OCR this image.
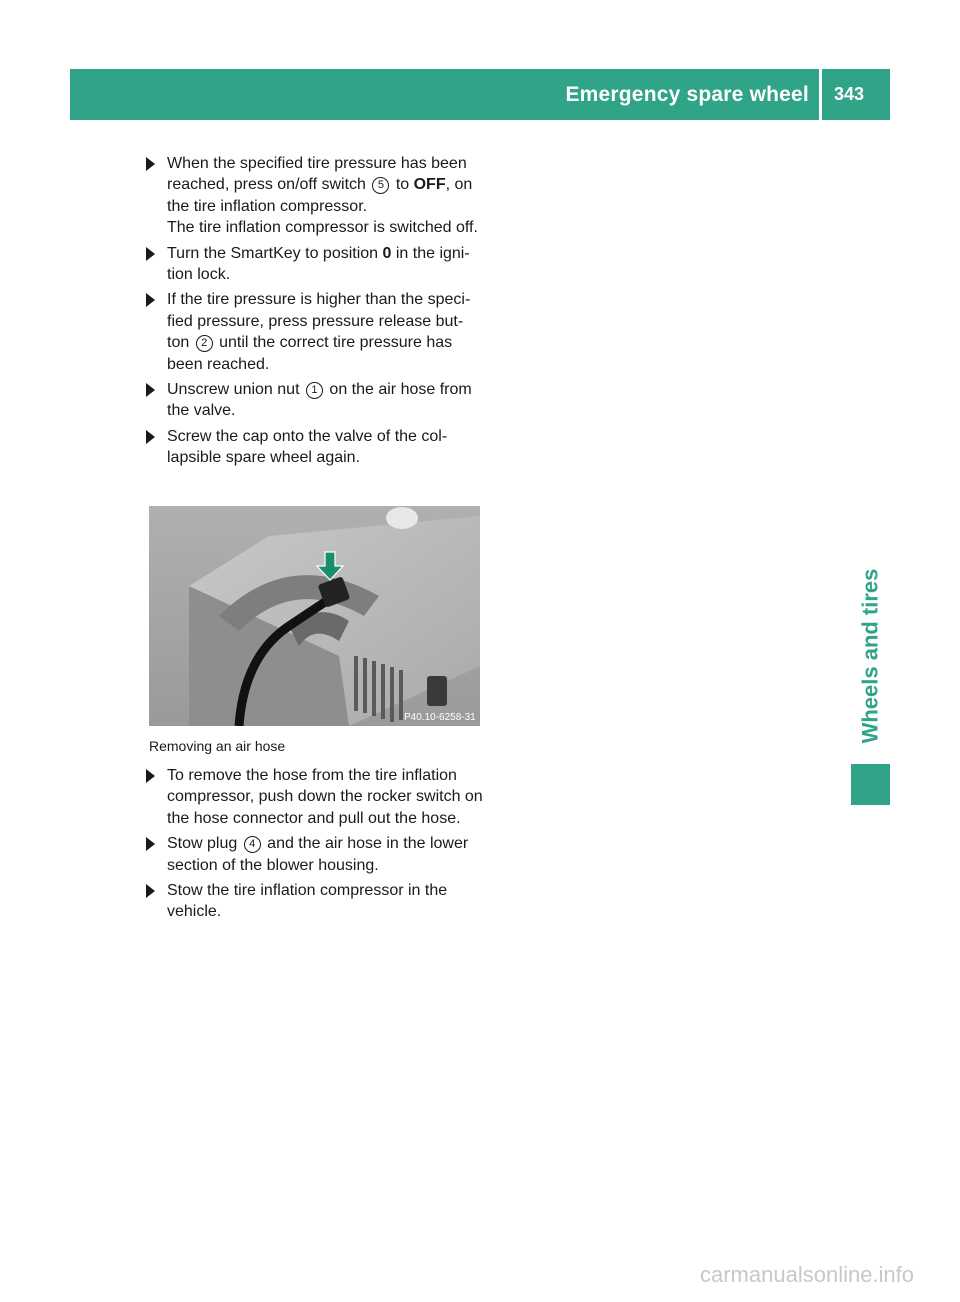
Emergency spare wheel	343
When the specified tire pressure has been reached, press on/off switch 5 to OFF, on the tire inflation compressor.
The tire inflation compressor is switched off.
Turn the SmartKey to position 0 in the igni- tion lock.
If the tire pressure is higher than the speci- fied pressure, press pressure release but- ton 2 until the correct tire pressure has been reached.
Unscrew union nut 1 on the air hose from the valve.
Screw the cap onto the valve of the col- lapsible spare wheel again.
P40.10-6258-31
Removing an air hose
To remove the hose from the tire inflation compressor, push down the rocker switch on the hose connector and pull out the hose.
Stow plug 4 and the air hose in the lower section of the blower housing.
Stow the tire inflation compressor in the vehicle.
Wheels and tires
carmanualsonline.info
